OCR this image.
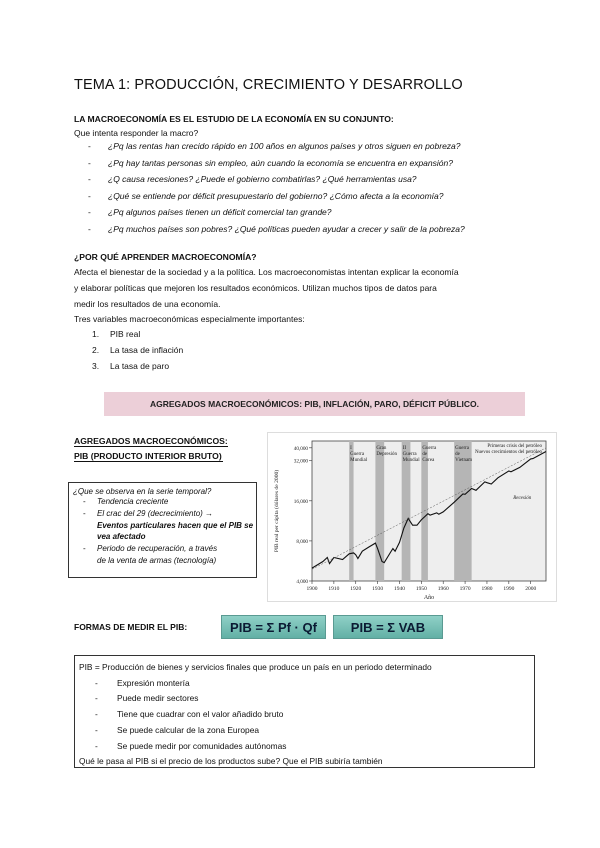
TEMA 1: PRODUCCIÓN, CRECIMIENTO Y DESARROLLO
LA MACROECONOMÍA ES EL ESTUDIO DE LA ECONOMÍA EN SU CONJUNTO:
Que intenta responder la macro?
- ¿Pq las rentas han crecido rápido en 100 años en algunos países y otros siguen en pobreza?
- ¿Pq hay tantas personas sin empleo, aún cuando la economía se encuentra en expansión?
- ¿Q causa recesiones? ¿Puede el gobierno combatirlas? ¿Qué herramientas usa?
- ¿Qué se entiende por déficit presupuestario del gobierno? ¿Cómo afecta a la economía?
- ¿Pq algunos países tienen un déficit comercial tan grande?
- ¿Pq muchos países son pobres? ¿Qué políticas pueden ayudar a crecer y salir de la pobreza?
¿POR QUÉ APRENDER MACROECONOMÍA?
Afecta el bienestar de la sociedad y a la política. Los macroeconomistas intentan explicar la economía
y elaborar políticas que mejoren los resultados económicos. Utilizan muchos tipos de datos para
medir los resultados de una economía.
Tres variables macroeconómicas especialmente importantes:
1. PIB real
2. La tasa de inflación
3. La tasa de paro
AGREGADOS MACROECONÓMICOS: PIB, INFLACIÓN, PARO, DÉFICIT PÚBLICO.
AGREGADOS MACROECONÓMICOS:
PIB (PRODUCTO INTERIOR BRUTO)
¿Que se observa en la serie temporal?
- Tendencia creciente
- El crac del 29 (decrecimiento) →
Eventos particulares hacen que el PIB se vea afectado
- Periodo de recuperación, a través
de la venta de armas (tecnología)
I
Guerra
Mundial
Gran
Depresión
II
Guerra
Mundial
Guerra
de
Corea
Guerra
de
Vietnam
4,000
8,000
16,000
32,000
40,000
1900 1910 1920 1930 1940 1950 1960 1970 1980 1990 2000
Año
PIB real per cápita (dólares de 2000)
Primeras crisis del petróleo
Nuevos crecimientos del petróleo
Recesión
FORMAS DE MEDIR EL PIB:	PIB = Σ Pf · Qf	PIB = Σ VAB
PIB = Producción de bienes y servicios finales que produce un país en un periodo determinado
- Expresión montería
- Puede medir sectores
- Tiene que cuadrar con el valor añadido bruto
- Se puede calcular de la zona Europea
- Se puede medir por comunidades autónomas
Qué le pasa al PIB si el precio de los productos sube? Que el PIB subiría también
